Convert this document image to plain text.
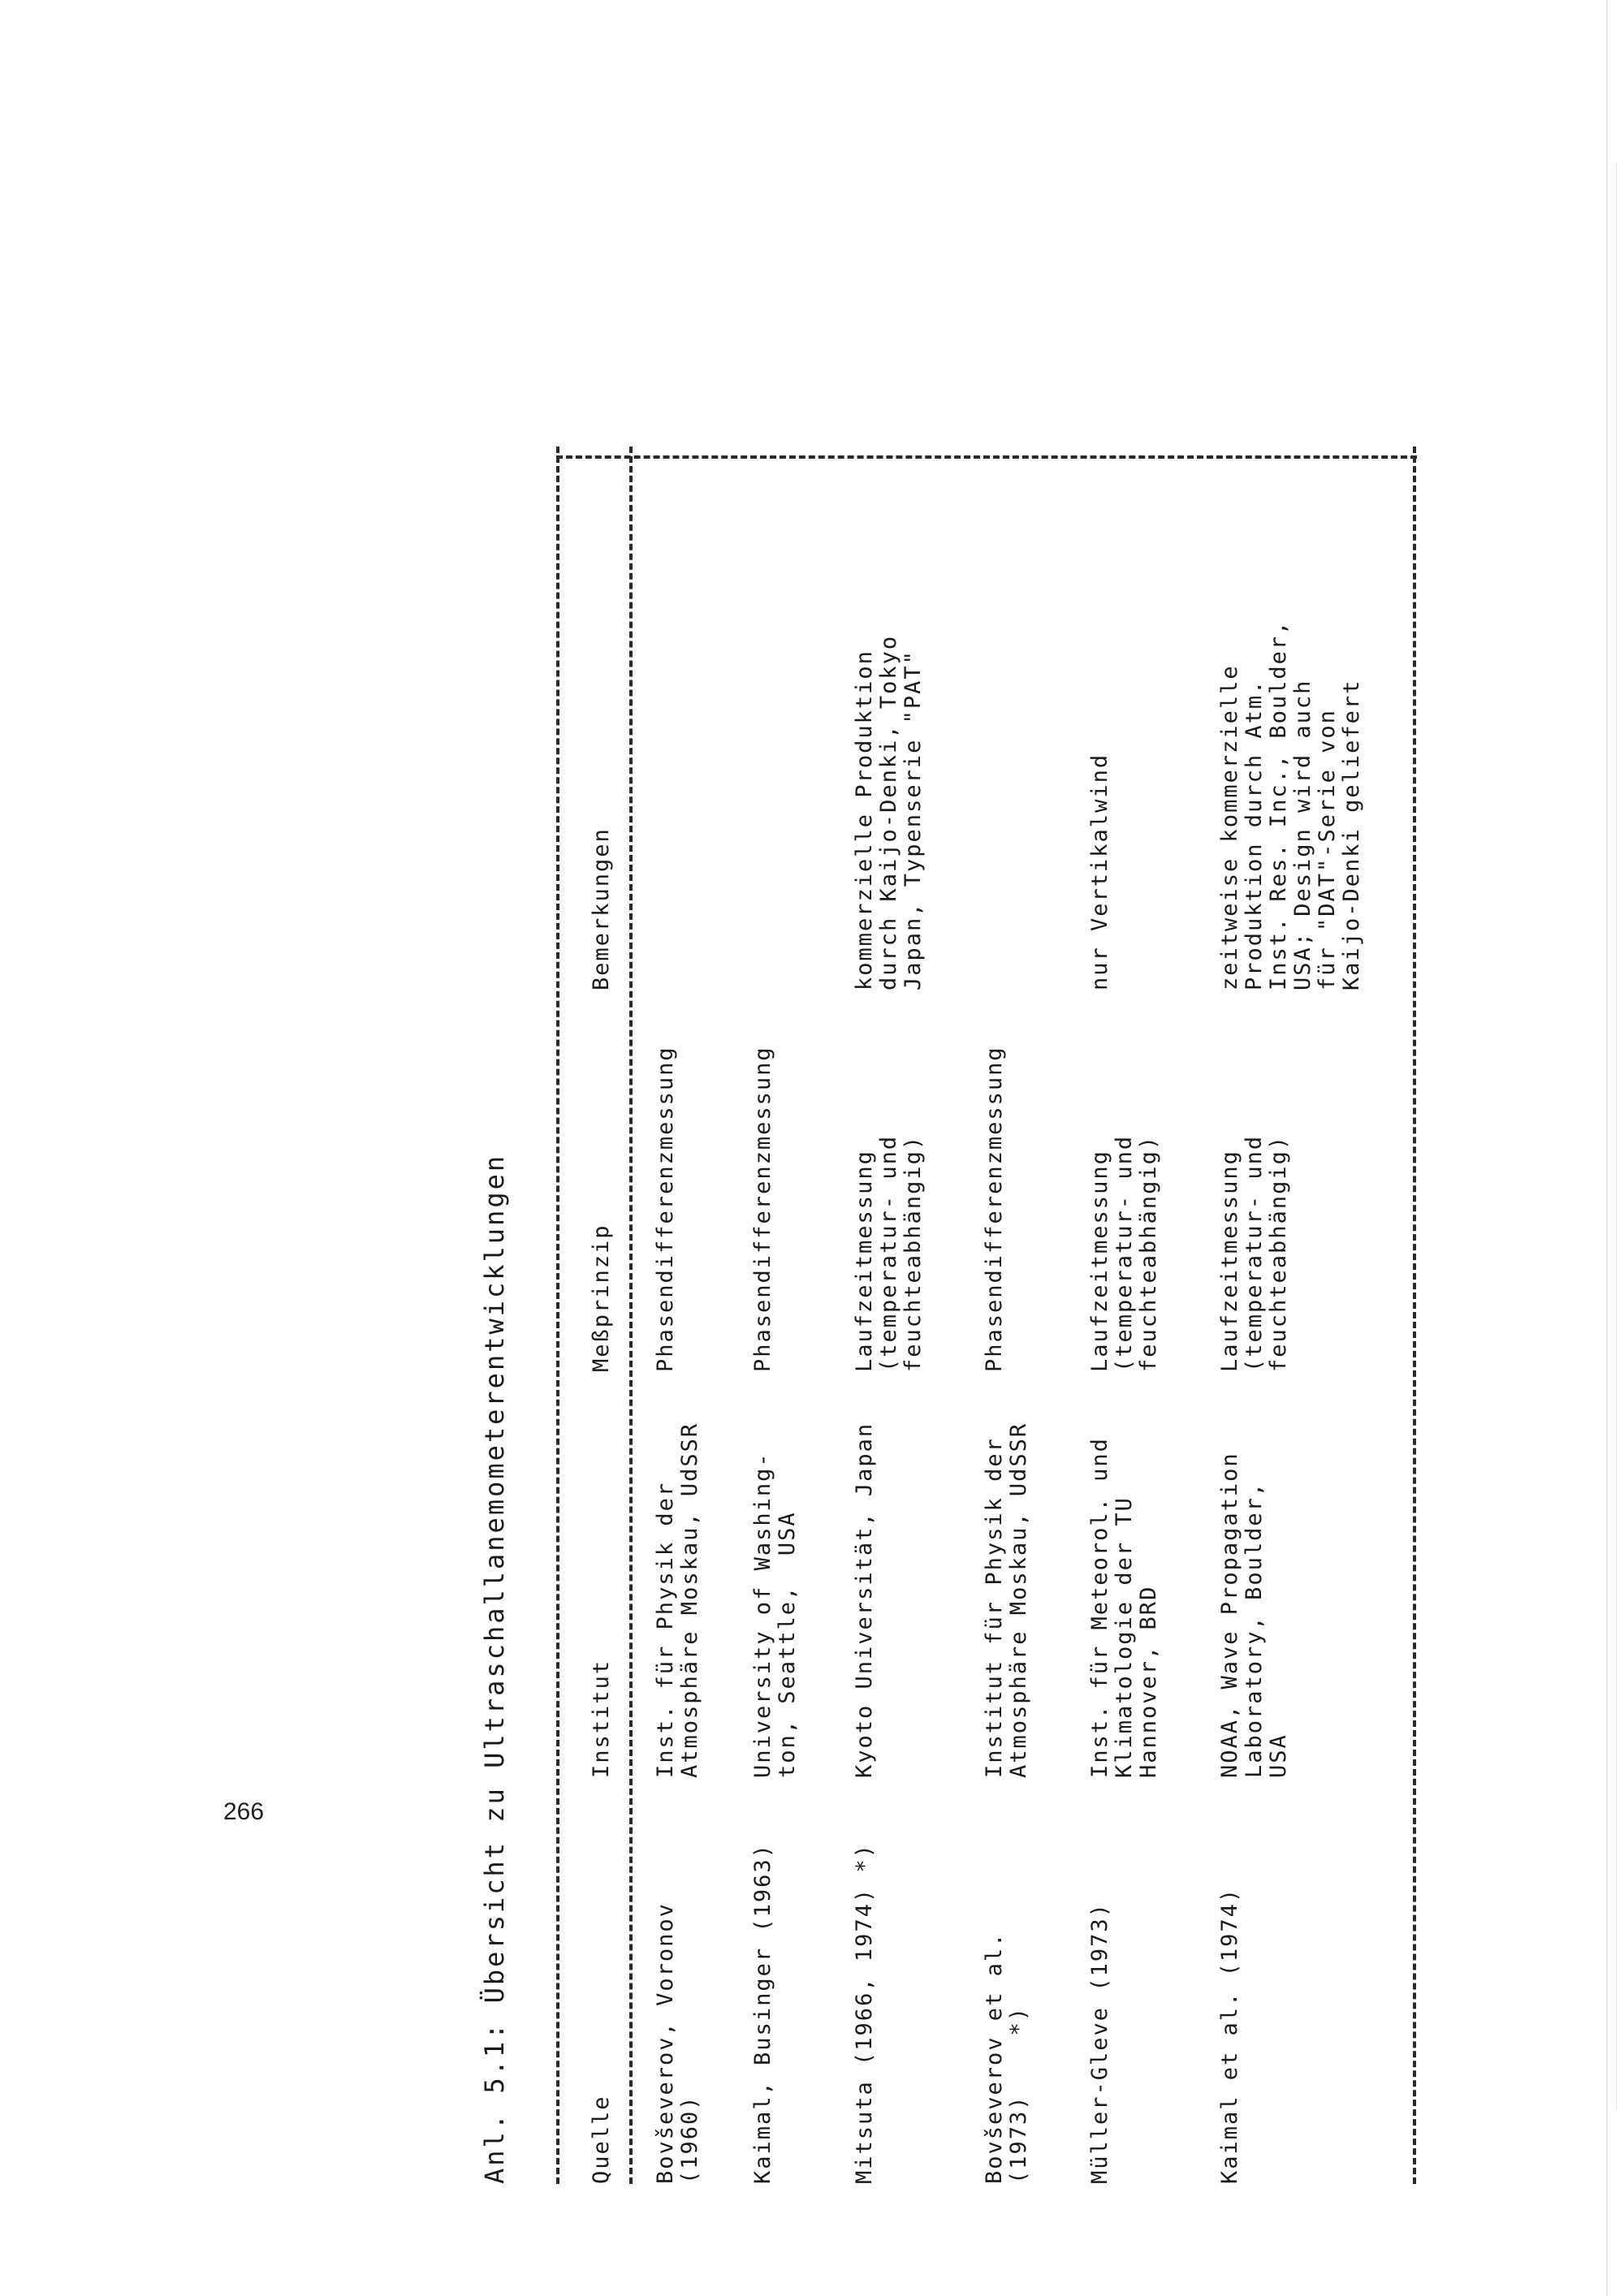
266	Anl. 5.1: Übersicht zu Ultraschallanemometerentwicklungen	Quelle
Institut
Meßprinzip
Bemerkungen
Bovševerov, Voronov
(1960)
Inst. für Physik der
Atmosphäre Moskau, UdSSR
Phasendifferenzmessung
Kaimal, Businger (1963)
University of Washing-
ton, Seattle,  USA
Phasendifferenzmessung
Mitsuta (1966, 1974) *)
Kyoto Universität, Japan
Laufzeitmessung
(temperatur- und
feuchteabhängig)
kommerzielle Produktion
durch Kaijo-Denki, Tokyo
Japan, Typenserie "PAT"
Bovševerov et al.
(1973)    *)
Institut für Physik der
Atmosphäre Moskau, UdSSR
Phasendifferenzmessung
Müller-Gleve (1973)
Inst. für Meteorol. und
Klimatologie der TU
Hannover, BRD
Laufzeitmessung
(temperatur- und
feuchteabhängig)
nur Vertikalwind
Kaimal et al. (1974)
NOAA, Wave Propagation
Laboratory, Boulder,
USA
Laufzeitmessung
(temperatur- und
feuchteabhängig)
zeitweise kommerzielle
Produktion durch Atm.
Inst. Res. Inc., Boulder,
USA; Design wird auch
für "DAT"-Serie von
Kaijo-Denki geliefert
